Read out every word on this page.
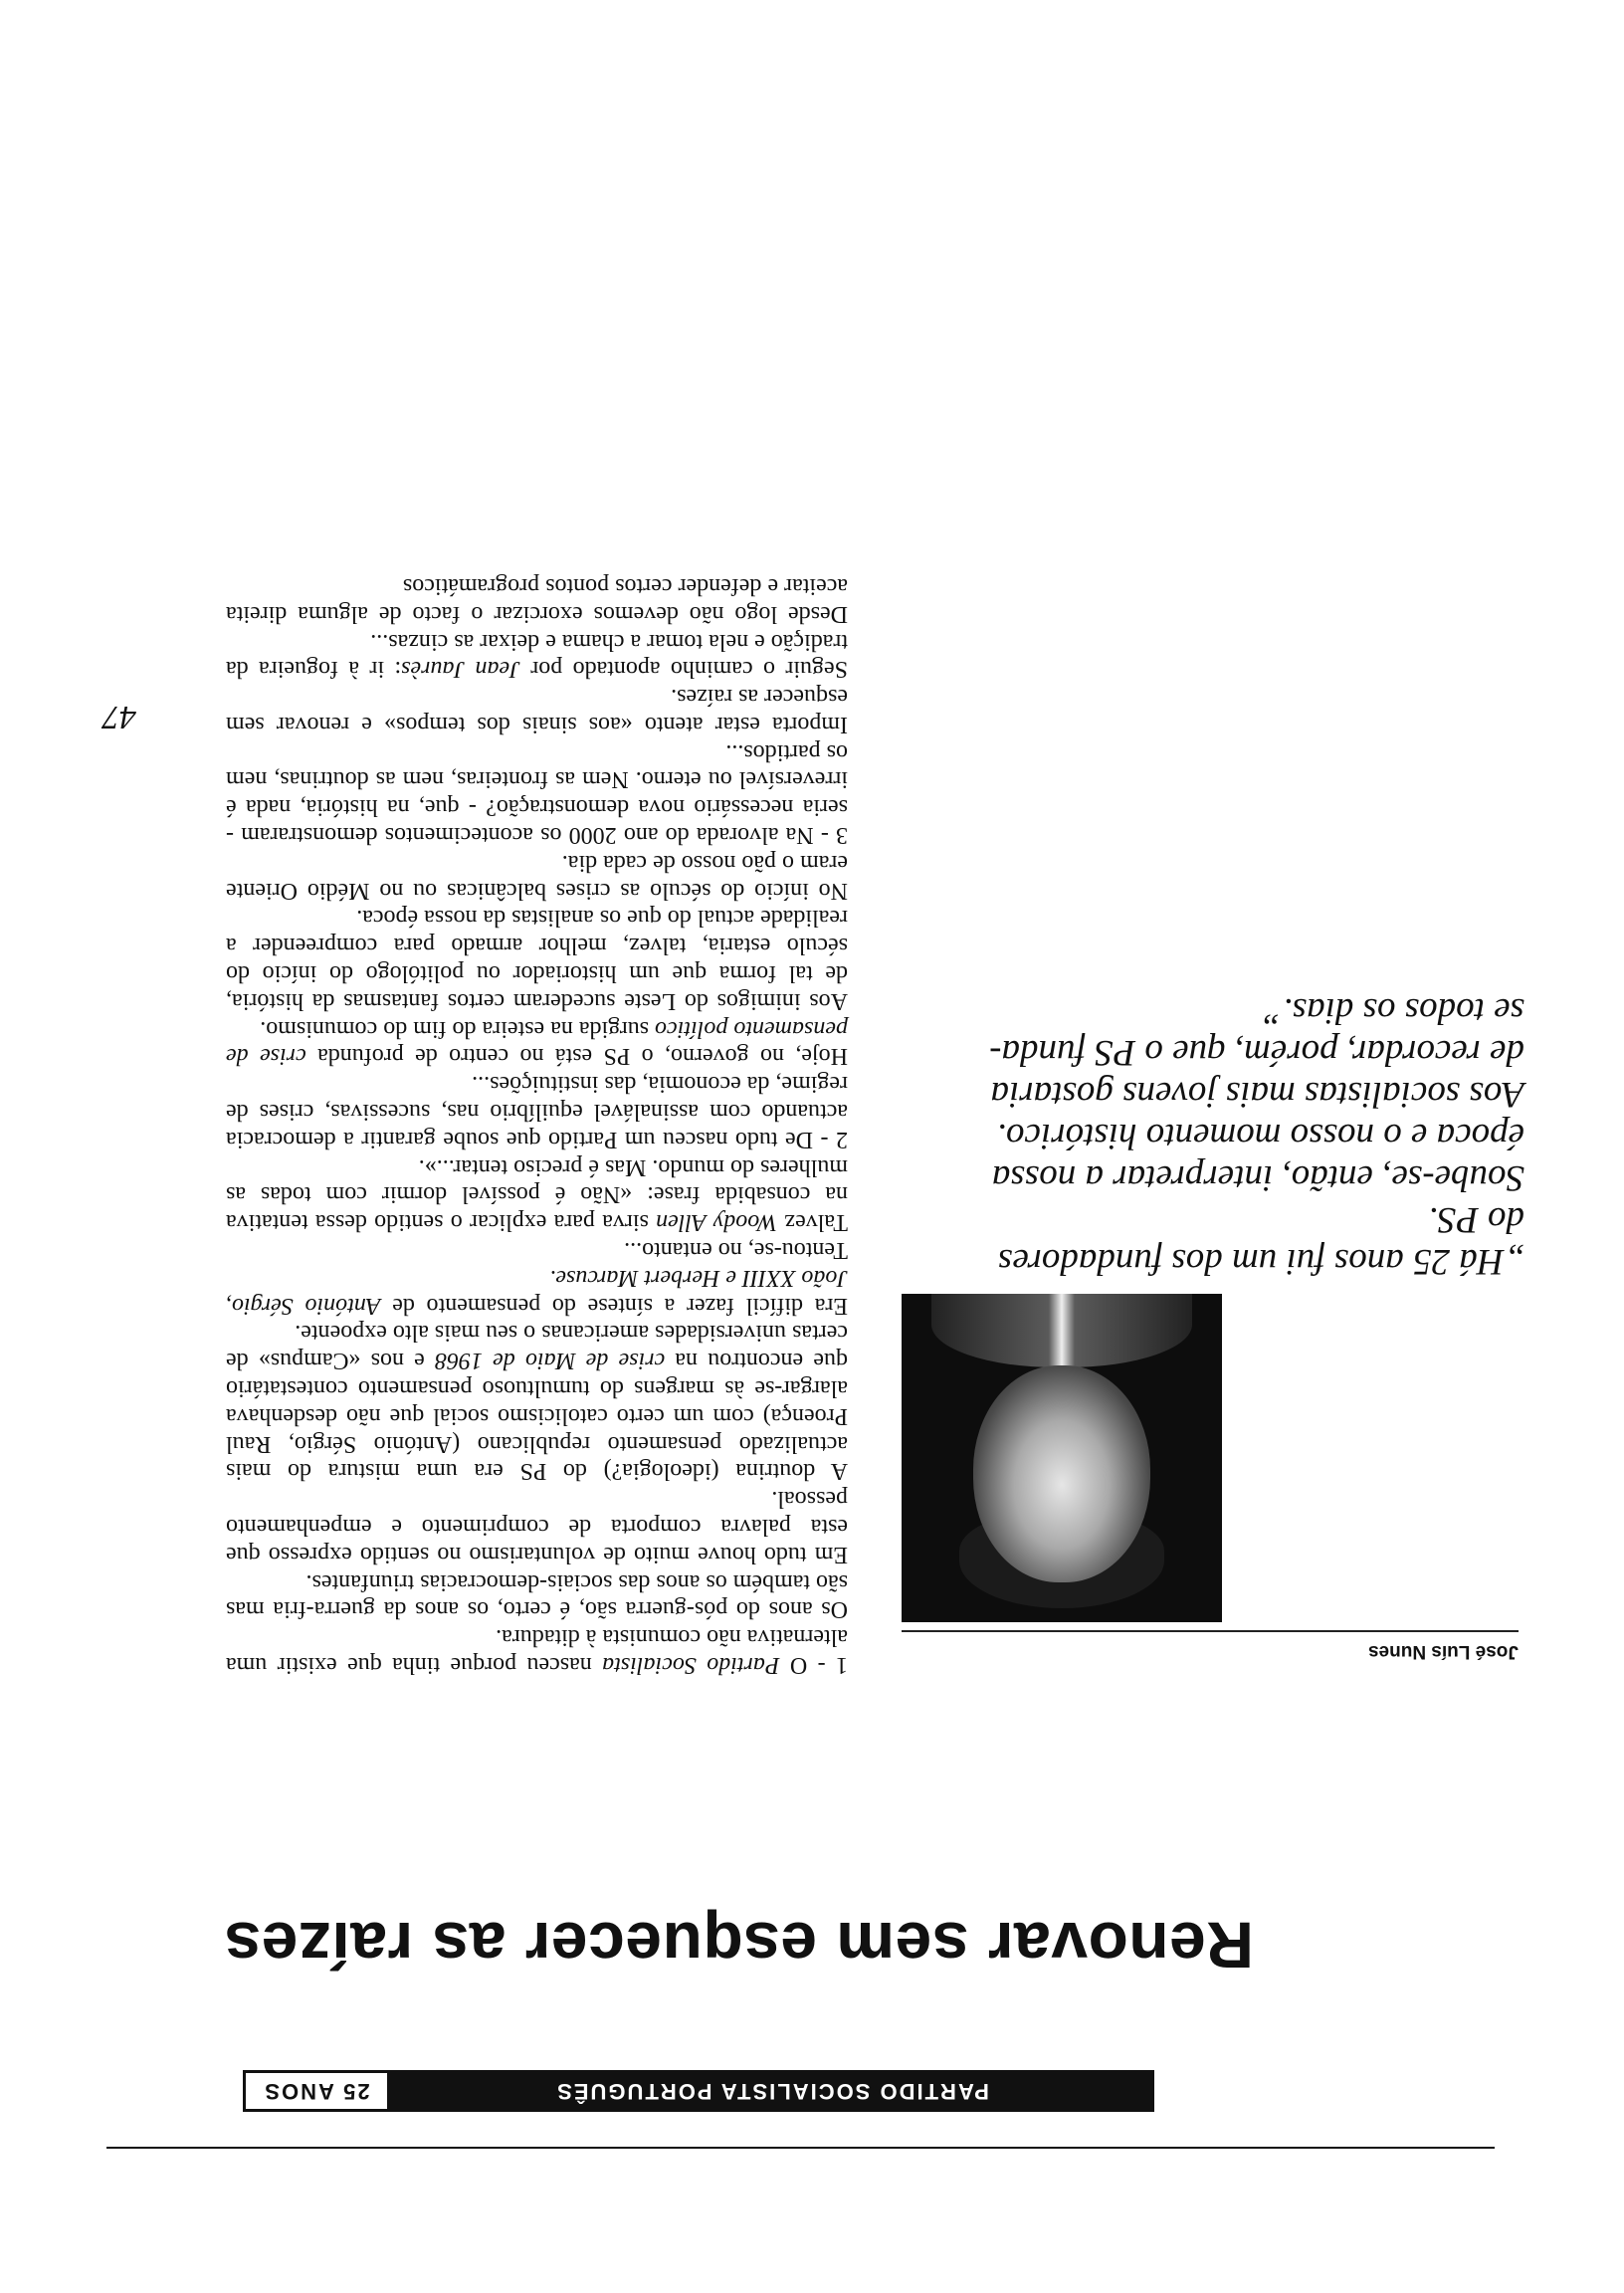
PARTIDO SOCIALISTA PORTUGUÊS
25 ANOS
Renovar sem esquecer as raízes
José Luís Nunes
„Há 25 anos fui um dos fundadores
do PS.
Soube-se, então, interpretar a nossa
época e o nosso momento histórico.
Aos socialistas mais jovens gostaria
de recordar, porém, que o PS funda-
se todos os dias.”

1 - O Partido Socialista nasceu porque tinha que existir uma alternativa não comunista à ditadura.

Os anos do pós-guerra são, é certo, os anos da guerra-fria mas são também os anos das sociais-democracias triunfantes.

Em tudo houve muito de voluntarismo no sentido expresso que esta palavra comporta de comprimento e empenhamento pessoal.

A doutrina (ideologia?) do PS era uma mistura do mais actualizado pensamento republicano (António Sérgio, Raul Proença) com um certo catolicismo social que não desdenhava alargar-se às margens do tumultuoso pensamento contestatário que encontrou na crise de Maio de 1968 e nos «Campus» de certas universidades americanas o seu mais alto expoente.

Era difícil fazer a síntese do pensamento de António Sérgio, João XXIII e Herbert Marcuse.

Tentou-se, no entanto...

Talvez Woody Allen sirva para explicar o sentido dessa tentativa na consabida frase: «Não é possível dormir com todas as mulheres do mundo. Mas é preciso tentar...».

2 - De tudo nasceu um Partido que soube garantir a democracia actuando com assinalável equilíbrio nas, sucessivas, crises de regime, da economia, das instituições...

Hoje, no governo, o PS está no centro de profunda crise de pensamento político surgida na esteira do fim do comunismo.

Aos inimigos do Leste sucederam certos fantasmas da história, de tal forma que um historiador ou politólogo do início do século estaria, talvez, melhor armado para compreender a realidade actual do que os analistas da nossa época.

No início do século as crises balcânicas ou no Médio Oriente eram o pão nosso de cada dia.

3 - Na alvorada do ano 2000 os acontecimentos demonstraram - seria necessário nova demonstração? - que, na história, nada é irreversível ou eterno. Nem as fronteiras, nem as doutrinas, nem os partidos...

Importa estar atento «aos sinais dos tempos» e renovar sem esquecer as raízes.

Seguir o caminho apontado por Jean Jaurès: ir à fogueira da tradição e nela tomar a chama e deixar as cinzas...

Desde logo não devemos exorcizar o facto de alguma direita aceitar e defender certos pontos programáticos

47
